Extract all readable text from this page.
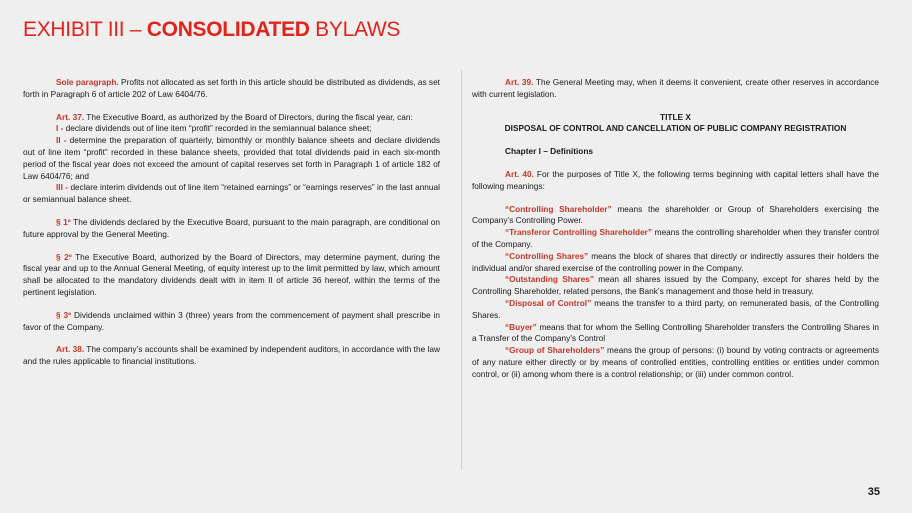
EXHIBIT III – CONSOLIDATED BYLAWS

Sole paragraph. Profits not allocated as set forth in this article should be distributed as dividends, as set forth in Paragraph 6 of article 202 of Law 6404/76.

Art. 37. The Executive Board, as authorized by the Board of Directors, during the fiscal year, can:

I - declare dividends out of line item “profit” recorded in the semiannual balance sheet;

II - determine the preparation of quarterly, bimonthly or monthly balance sheets and declare dividends out of line item “profit” recorded in these balance sheets, provided that total dividends paid in each six-month period of the fiscal year does not exceed the amount of capital reserves set forth in Paragraph 1 of article 182 of Law 6404/76; and

III - declare interim dividends out of line item “retained earnings” or “earnings reserves” in the last annual or semiannual balance sheet.

§ 1º The dividends declared by the Executive Board, pursuant to the main paragraph, are conditional on future approval by the General Meeting.

§ 2º The Executive Board, authorized by the Board of Directors, may determine payment, during the fiscal year and up to the Annual General Meeting, of equity interest up to the limit permitted by law, which amount shall be allocated to the mandatory dividends dealt with in item II of article 36 hereof, within the terms of the pertinent legislation.

§ 3º Dividends unclaimed within 3 (three) years from the commencement of payment shall prescribe in favor of the Company.

Art. 38. The company’s accounts shall be examined by independent auditors, in accordance with the law and the rules applicable to financial institutions.

Art. 39. The General Meeting may, when it deems it convenient, create other reserves in accordance with current legislation.

TITLE X

DISPOSAL OF CONTROL AND CANCELLATION OF PUBLIC COMPANY REGISTRATION

Chapter I – Definitions

Art. 40. For the purposes of Title X, the following terms beginning with capital letters shall have the following meanings:

“Controlling Shareholder” means the shareholder or Group of Shareholders exercising the Company’s Controlling Power.

“Transferor Controlling Shareholder” means the controlling shareholder when they transfer control of the Company.

“Controlling Shares” means the block of shares that directly or indirectly assures their holders the individual and/or shared exercise of the controlling power in the Company.

“Outstanding Shares” mean all shares issued by the Company, except for shares held by the Controlling Shareholder, related persons, the Bank’s management and those held in treasury.

“Disposal of Control” means the transfer to a third party, on remunerated basis, of the Controlling Shares.

“Buyer” means that for whom the Selling Controlling Shareholder transfers the Controlling Shares in a Transfer of the Company’s Control

“Group of Shareholders” means the group of persons: (i) bound by voting contracts or agreements of any nature either directly or by means of controlled entities, controlling entities or entities under common control, or (ii) among whom there is a control relationship; or (iii) under common control.

35
